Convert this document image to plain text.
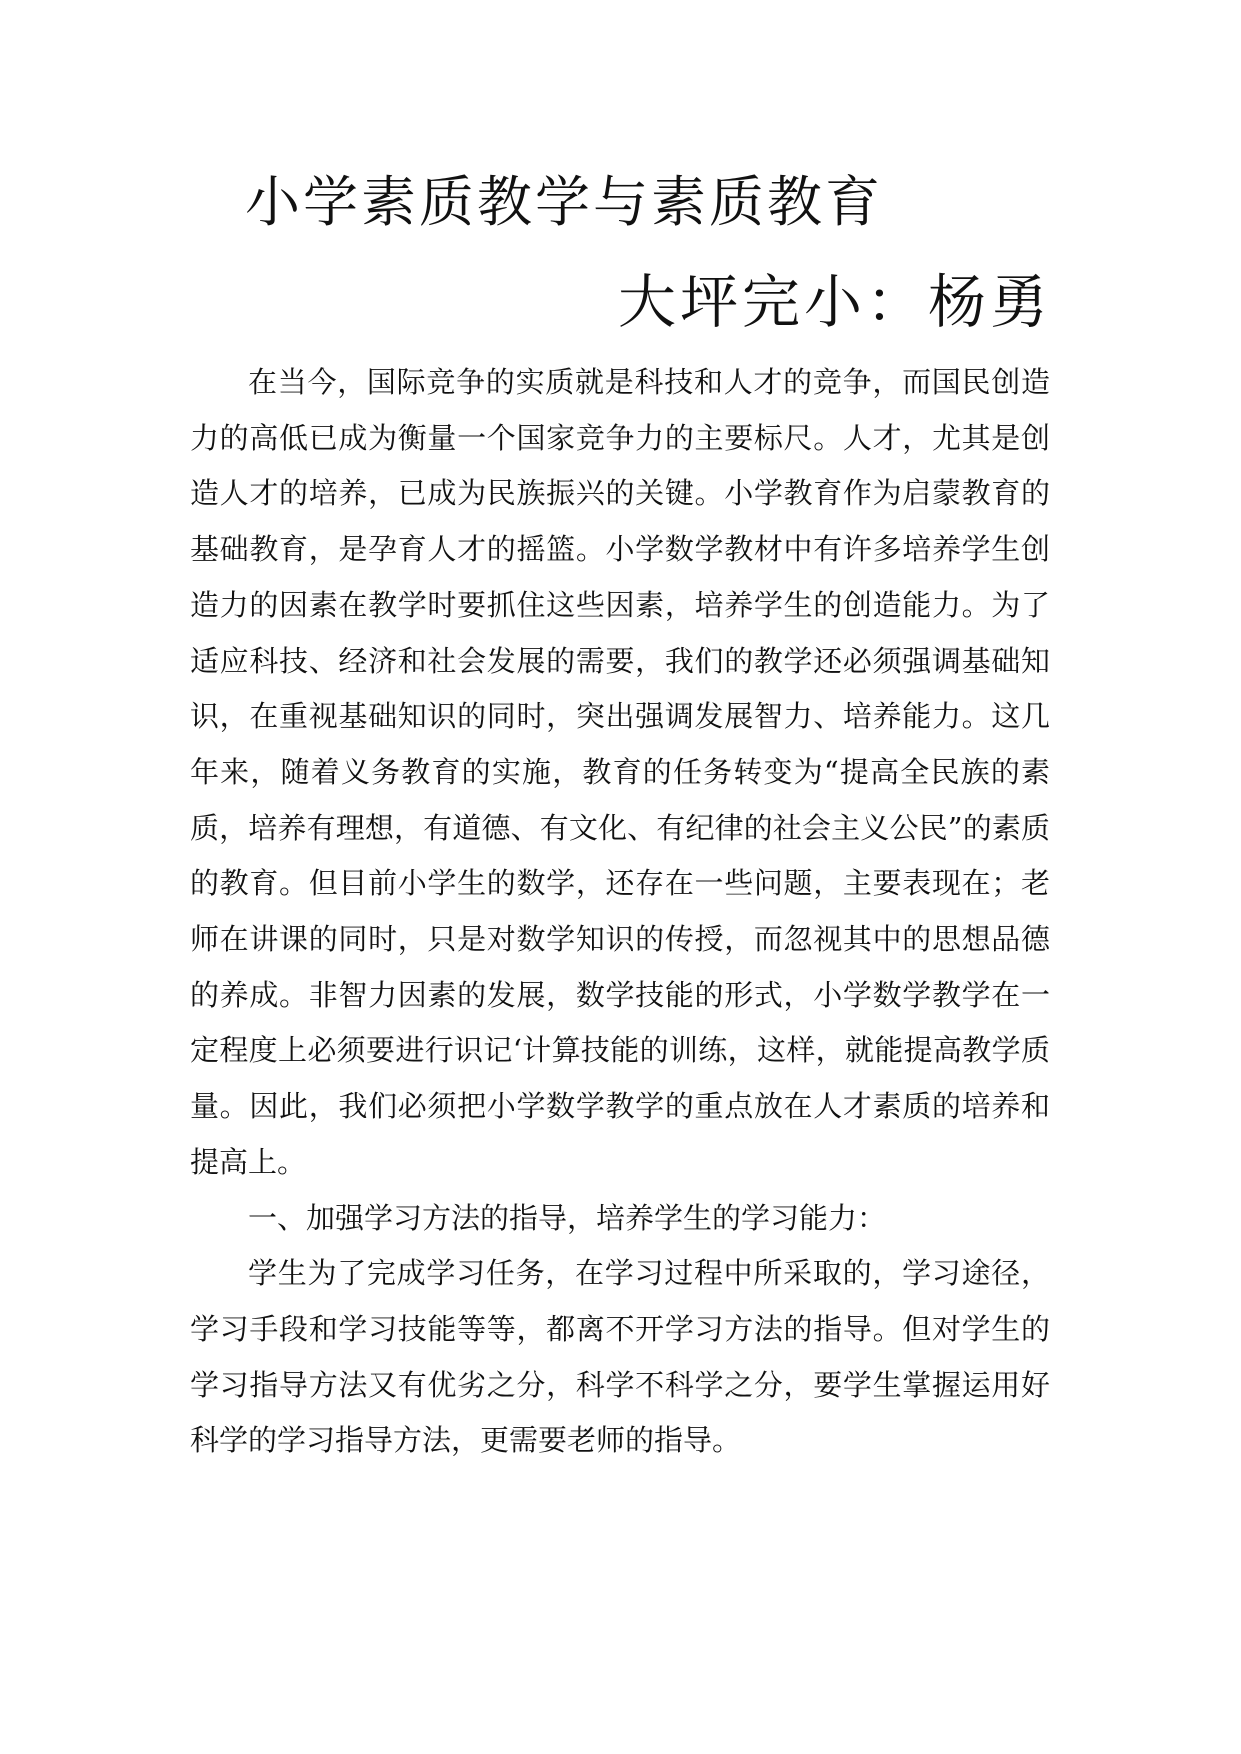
小学素质教学与素质教育
大坪完小：杨勇

在当今，国际竞争的实质就是科技和人才的竞争，而国民创造力的高低已成为衡量一个国家竞争力的主要标尺。人才，尤其是创造人才的培养，已成为民族振兴的关键。小学教育作为启蒙教育的基础教育，是孕育人才的摇篮。小学数学教材中有许多培养学生创造力的因素在教学时要抓住这些因素，培养学生的创造能力。为了适应科技、经济和社会发展的需要，我们的教学还必须强调基础知识，在重视基础知识的同时，突出强调发展智力、培养能力。这几年来，随着义务教育的实施，教育的任务转变为“提高全民族的素质，培养有理想，有道德、有文化、有纪律的社会主义公民”的素质的教育。但目前小学生的数学，还存在一些问题，主要表现在；老师在讲课的同时，只是对数学知识的传授，而忽视其中的思想品德的养成。非智力因素的发展，数学技能的形式，小学数学教学在一定程度上必须要进行识记‘计算技能的训练，这样，就能提高教学质量。因此，我们必须把小学数学教学的重点放在人才素质的培养和提高上。

一、加强学习方法的指导，培养学生的学习能力：

学生为了完成学习任务，在学习过程中所采取的，学习途径，学习手段和学习技能等等，都离不开学习方法的指导。但对学生的学习指导方法又有优劣之分，科学不科学之分，要学生掌握运用好科学的学习指导方法，更需要老师的指导。
